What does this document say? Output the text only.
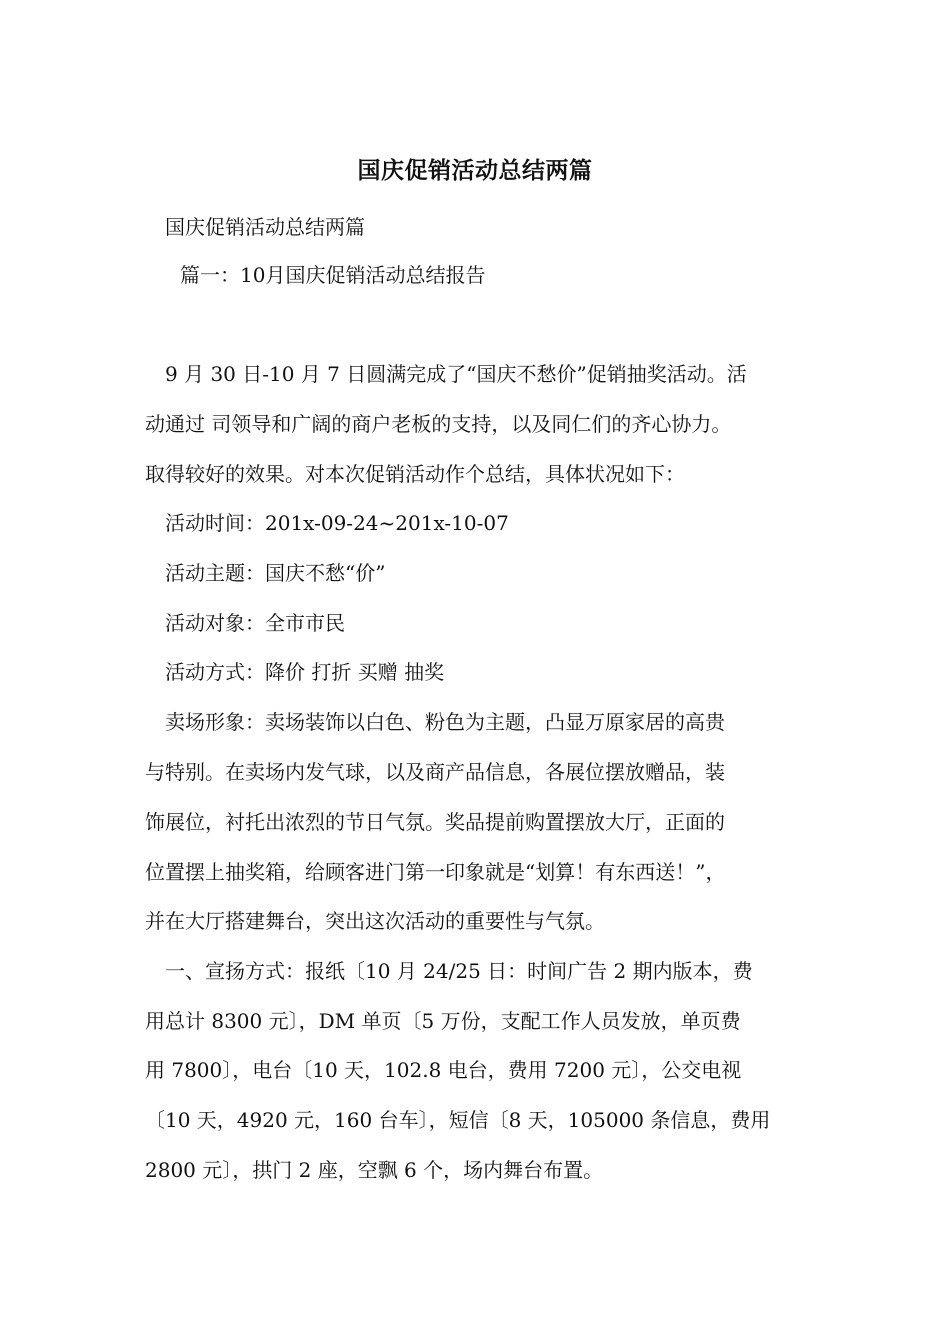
国庆促销活动总结两篇
国庆促销活动总结两篇
篇一：10月国庆促销活动总结报告
9 月 30 日-10 月 7 日圆满完成了“国庆不愁价”促销抽奖活动。活
动通过 司领导和广阔的商户老板的支持，以及同仁们的齐心协力。
取得较好的效果。对本次促销活动作个总结，具体状况如下：
活动时间：201x-09-24~201x-10-07
活动主题：国庆不愁“价”
活动对象：全市市民
活动方式：降价 打折 买赠 抽奖
卖场形象：卖场装饰以白色、粉色为主题，凸显万原家居的高贵
与特别。在卖场内发气球，以及商产品信息，各展位摆放赠品，装
饰展位，衬托出浓烈的节日气氛。奖品提前购置摆放大厅，正面的
位置摆上抽奖箱，给顾客进门第一印象就是“划算！有东西送！”，
并在大厅搭建舞台，突出这次活动的重要性与气氛。
一、宣扬方式：报纸〔10 月 24/25 日：时间广告 2 期内版本，费
用总计 8300 元〕，DM 单页〔5 万份，支配工作人员发放，单页费
用 7800〕，电台〔10 天，102.8 电台，费用 7200 元〕，公交电视
〔10 天，4920 元，160 台车〕，短信〔8 天，105000 条信息，费用
2800 元〕，拱门 2 座，空飘 6 个，场内舞台布置。
